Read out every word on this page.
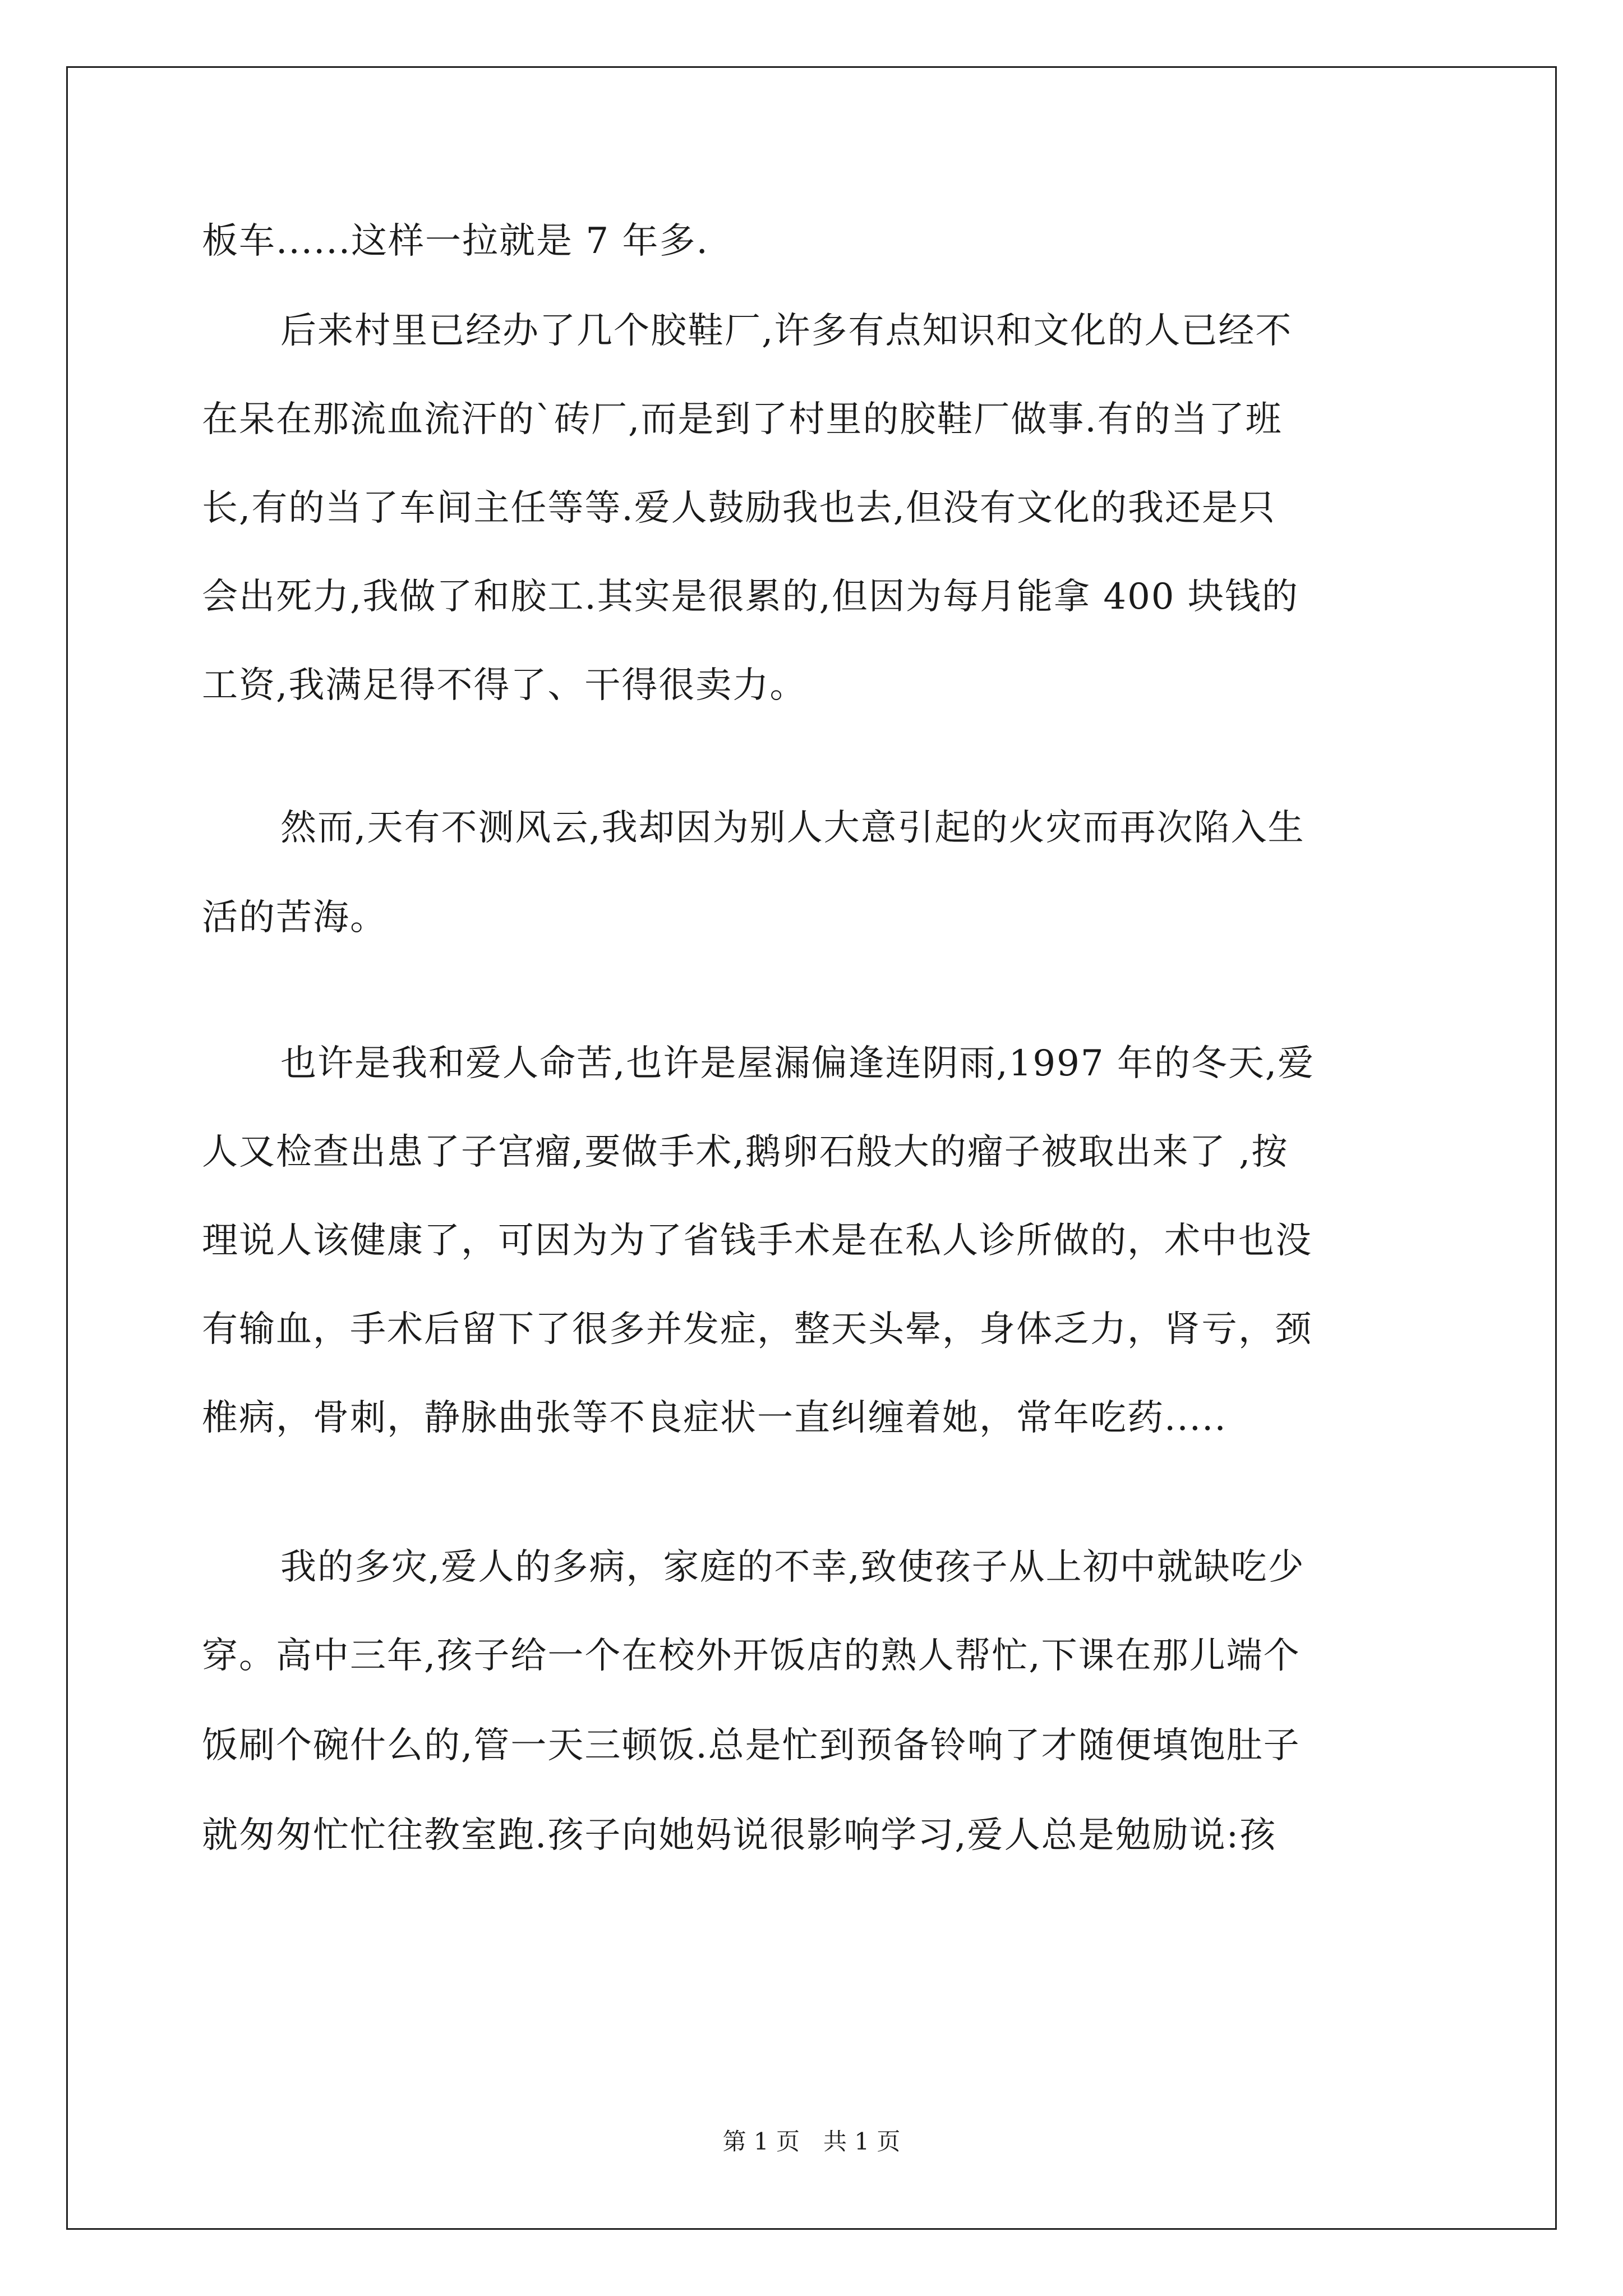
板车......这样一拉就是 7 年多.
后来村里已经办了几个胶鞋厂,许多有点知识和文化的人已经不
在呆在那流血流汗的`砖厂,而是到了村里的胶鞋厂做事.有的当了班
长,有的当了车间主任等等.爱人鼓励我也去,但没有文化的我还是只
会出死力,我做了和胶工.其实是很累的,但因为每月能拿 400 块钱的
工资,我满足得不得了、干得很卖力。
然而,天有不测风云,我却因为别人大意引起的火灾而再次陷入生
活的苦海。
也许是我和爱人命苦,也许是屋漏偏逢连阴雨,1997 年的冬天,爱
人又检查出患了子宫瘤,要做手术,鹅卵石般大的瘤子被取出来了 ,按
理说人该健康了，可因为为了省钱手术是在私人诊所做的，术中也没
有输血，手术后留下了很多并发症，整天头晕，身体乏力，肾亏，颈
椎病，骨刺，静脉曲张等不良症状一直纠缠着她，常年吃药.....
我的多灾,爱人的多病，家庭的不幸,致使孩子从上初中就缺吃少
穿。高中三年,孩子给一个在校外开饭店的熟人帮忙,下课在那儿端个
饭刷个碗什么的,管一天三顿饭.总是忙到预备铃响了才随便填饱肚子
就匆匆忙忙往教室跑.孩子向她妈说很影响学习,爱人总是勉励说:孩
第 1 页　共 1 页
